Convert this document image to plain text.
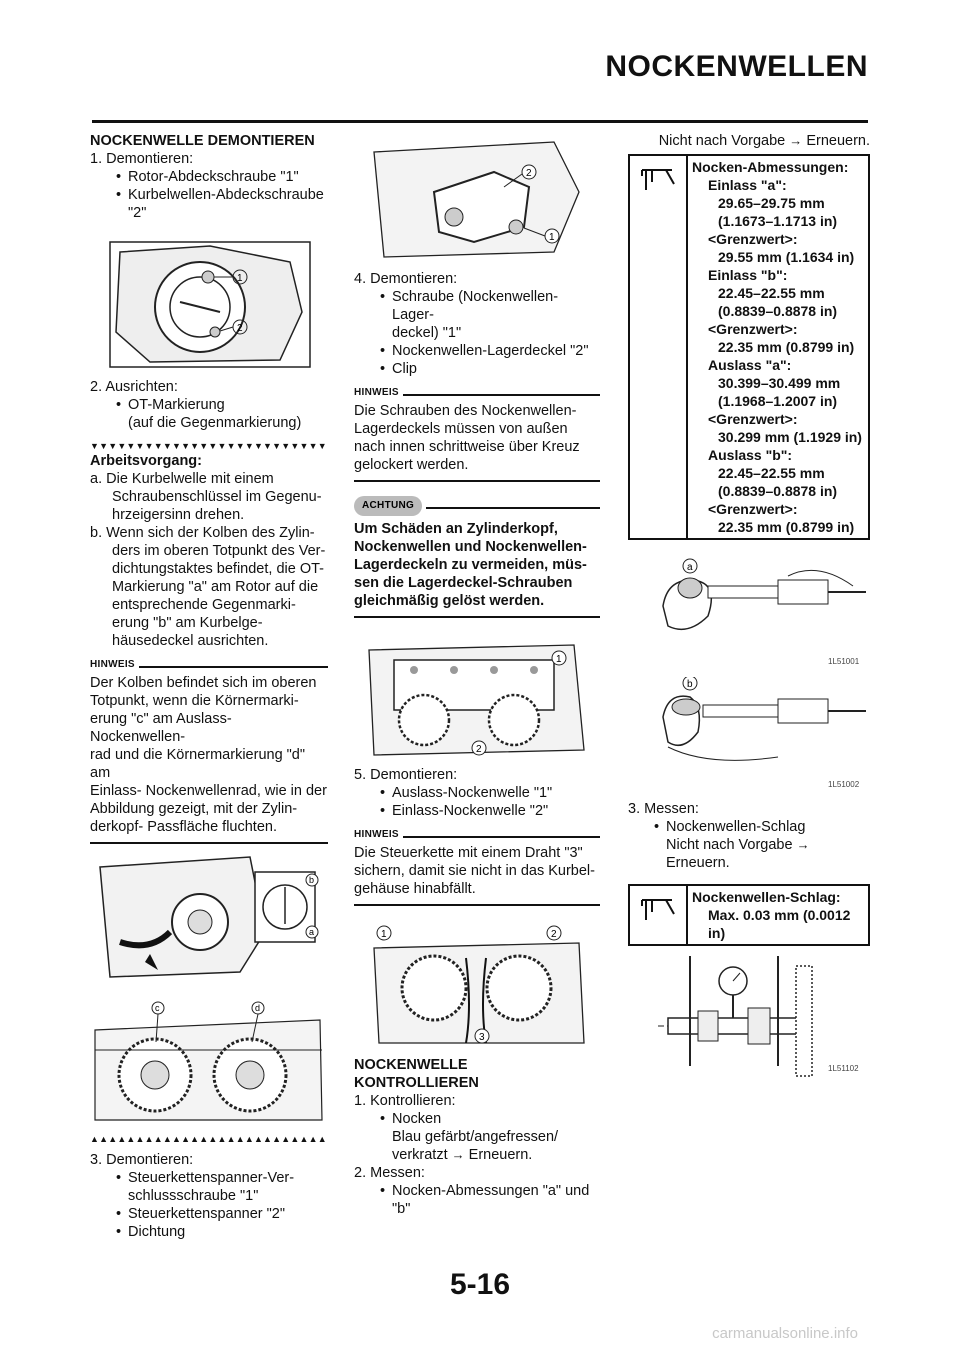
NOCKENWELLEN
NOCKENWELLE DEMONTIEREN
1. Demontieren:
• Rotor-Abdeckschraube "1"
• Kurbelwellen-Abdeckschraube
"2"
1
2
2. Ausrichten:
• OT-Markierung
(auf die Gegenmarkierung)
▼▼▼▼▼▼▼▼▼▼▼▼▼▼▼▼▼▼▼▼▼▼▼▼▼▼
Arbeitsvorgang:
a. Die Kurbelwelle mit einem
Schraubenschlüssel im Gegenu-
hrzeigersinn drehen.
b. Wenn sich der Kolben des Zylin-
ders im oberen Totpunkt des Ver-
dichtungstaktes befindet, die OT-
Markierung "a" am Rotor auf die
entsprechende Gegenmarki-
erung "b" am Kurbelge-
häusedeckel ausrichten.
HINWEIS
Der Kolben befindet sich im oberen
Totpunkt, wenn die Körnermarki-
erung "c" am Auslass- Nockenwellen-
rad und die Körnermarkierung "d" am
Einlass- Nockenwellenrad, wie in der
Abbildung gezeigt, mit der Zylin-
derkopf- Passfläche fluchten.
b
a
c	d
▲▲▲▲▲▲▲▲▲▲▲▲▲▲▲▲▲▲▲▲▲▲▲▲▲▲
3. Demontieren:
• Steuerkettenspanner-Ver-
schlussschraube "1"
• Steuerkettenspanner "2"
• Dichtung
2
1
4. Demontieren:
• Schraube (Nockenwellen- Lager-
deckel) "1"
• Nockenwellen-Lagerdeckel "2"
• Clip
HINWEIS
Die Schrauben des Nockenwellen-
Lagerdeckels müssen von außen
nach innen schrittweise über Kreuz
gelockert werden.
ACHTUNG
Um Schäden an Zylinderkopf,
Nockenwellen und Nockenwellen-
Lagerdeckeln zu vermeiden, müs-
sen die Lagerdeckel-Schrauben
gleichmäßig gelöst werden.
1
2
5. Demontieren:
• Auslass-Nockenwelle "1"
• Einlass-Nockenwelle "2"
HINWEIS
Die Steuerkette mit einem Draht "3"
sichern, damit sie nicht in das Kurbel-
gehäuse hinabfällt.
1	2
3
NOCKENWELLE
KONTROLLIEREN
1. Kontrollieren:
• Nocken
Blau gefärbt/angefressen/
verkratzt → Erneuern.
2. Messen:
• Nocken-Abmessungen "a" und
"b"
Nicht nach Vorgabe → Erneuern.
Nocken-Abmessungen:
Einlass "a":
29.65–29.75 mm
(1.1673–1.1713 in)
<Grenzwert>:
29.55 mm (1.1634 in)
Einlass "b":
22.45–22.55 mm
(0.8839–0.8878 in)
<Grenzwert>:
22.35 mm (0.8799 in)
Auslass "a":
30.399–30.499 mm
(1.1968–1.2007 in)
<Grenzwert>:
30.299 mm (1.1929 in)
Auslass "b":
22.45–22.55 mm
(0.8839–0.8878 in)
<Grenzwert>:
22.35 mm (0.8799 in)
a
1L51001
b
1L51002
3. Messen:
• Nockenwellen-Schlag
Nicht nach Vorgabe → Erneuern.
Nockenwellen-Schlag:
Max. 0.03 mm (0.0012
in)
1L51102
5-16
carmanualsonline.info
